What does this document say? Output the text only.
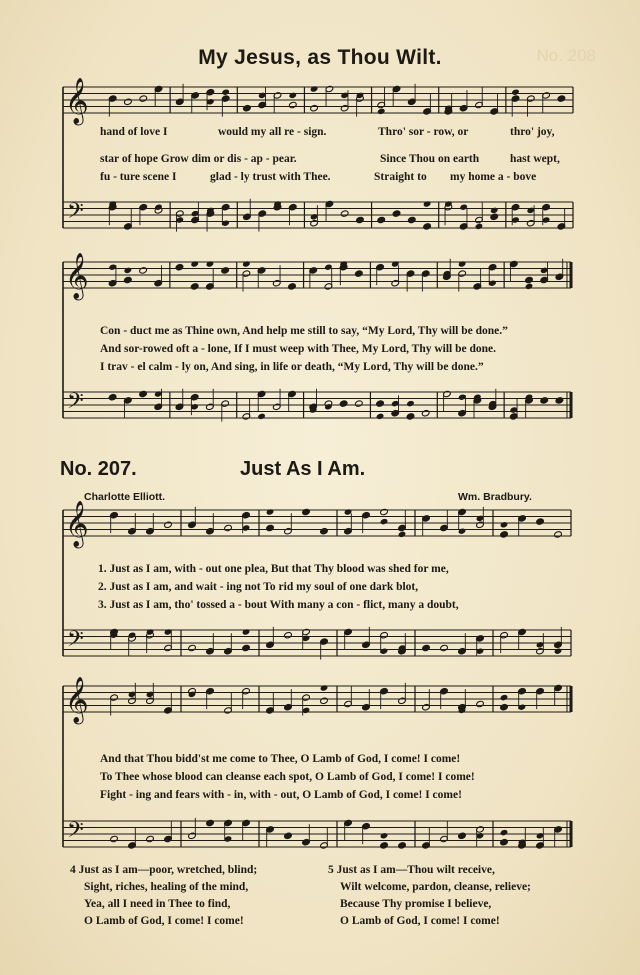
𝄞
𝄢
𝄞
𝄢
𝄞
𝄢
𝄞
𝄢
No. 208
My Jesus, as Thou Wilt.
hand of love I	would my all re - sign.	Thro' sor - row, or	thro' joy,
star of hope Grow dim or dis - ap - pear.	Since Thou on earth	hast wept,
fu - ture scene I	glad - ly trust with Thee.	Straight to my home a - bove
Con - duct me as Thine own, And help me still to say, “My Lord, Thy will be done.”
And sor-rowed oft a - lone, If I must weep with Thee, My Lord, Thy will be done.
I trav - el calm - ly on, And sing, in life or death, “My Lord, Thy will be done.”
No. 207.	Just As I Am.
Charlotte Elliott.	Wm. Bradbury.
1. Just as I am, with - out one plea, But that Thy blood was shed for me,
2. Just as I am, and wait - ing not To rid my soul of one dark blot,
3. Just as I am, tho' tossed a - bout With many a con - flict, many a doubt,
And that Thou bidd'st me come to Thee, O Lamb of God, I come! I come!
To Thee whose blood can cleanse each spot, O Lamb of God, I come! I come!
Fight - ing and fears with - in, with - out, O Lamb of God, I come! I come!
4 Just as I am—poor, wretched, blind;
Sight, riches, healing of the mind,
Yea, all I need in Thee to find,
O Lamb of God, I come! I come!
5 Just as I am—Thou wilt receive,
Wilt welcome, pardon, cleanse, relieve;
Because Thy promise I believe,
O Lamb of God, I come! I come!
